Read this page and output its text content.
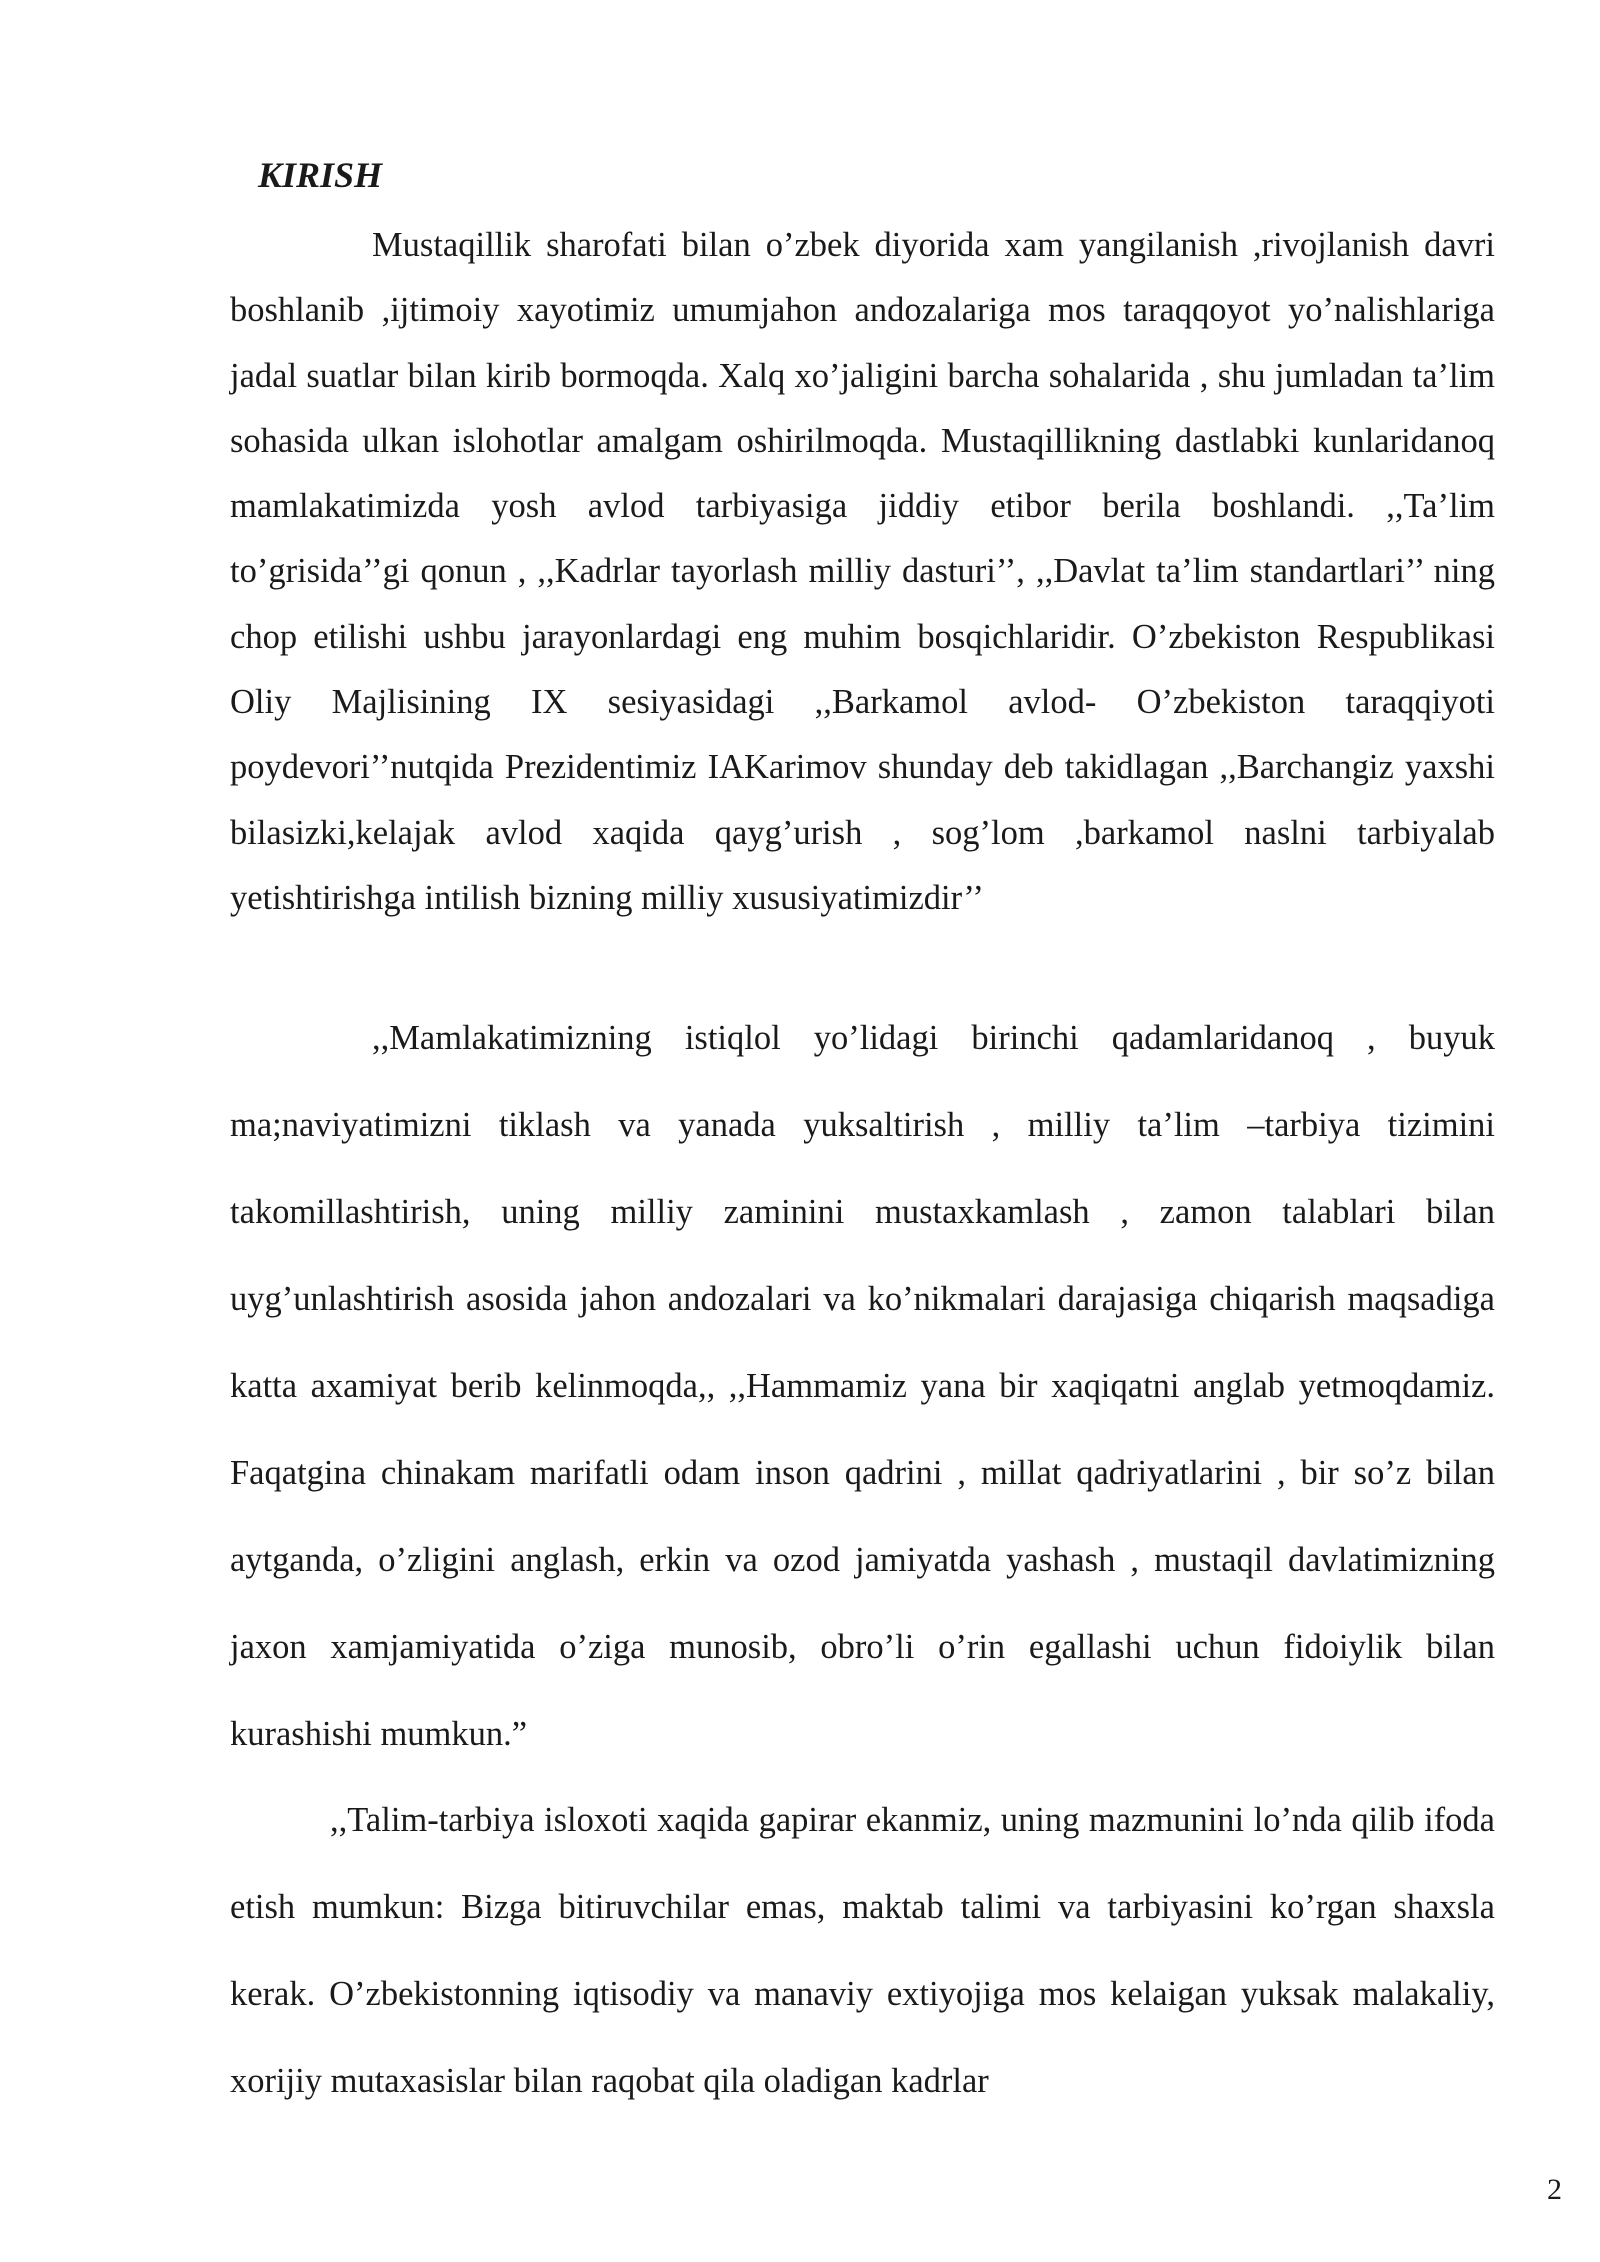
KIRISH

Mustaqillik sharofati bilan o’zbek diyorida xam yangilanish ,rivojlanish davri boshlanib ,ijtimoiy xayotimiz umumjahon andozalariga mos taraqqoyot yo’nalishlariga jadal suatlar bilan kirib bormoqda. Xalq xo’jaligini barcha sohalarida , shu jumladan ta’lim sohasida ulkan islohotlar amalgam oshirilmoqda. Mustaqillikning dastlabki kunlaridanoq mamlakatimizda yosh avlod tarbiyasiga jiddiy etibor berila boshlandi. ,,Ta’lim to’grisida’’gi qonun , ,,Kadrlar tayorlash milliy dasturi’’, ,,Davlat ta’lim standartlari’’ ning chop etilishi ushbu jarayonlardagi eng muhim bosqichlaridir. O’zbekiston Respublikasi Oliy Majlisining IX sesiyasidagi ,,Barkamol avlod- O’zbekiston taraqqiyoti poydevori’’nutqida Prezidentimiz IAKarimov shunday deb takidlagan ,,Barchangiz yaxshi bilasizki,kelajak avlod xaqida qayg’urish , sog’lom ,barkamol naslni tarbiyalab yetishtirishga intilish bizning milliy xususiyatimizdir’’

,,Mamlakatimizning istiqlol yo’lidagi birinchi qadamlaridanoq , buyuk ma;naviyatimizni tiklash va yanada yuksaltirish , milliy ta’lim –tarbiya tizimini takomillashtirish, uning milliy zaminini mustaxkamlash , zamon talablari bilan uyg’unlashtirish asosida jahon andozalari va ko’nikmalari darajasiga chiqarish maqsadiga katta axamiyat berib kelinmoqda,, ,,Hammamiz yana bir xaqiqatni anglab yetmoqdamiz. Faqatgina chinakam marifatli odam inson qadrini , millat qadriyatlarini , bir so’z bilan aytganda, o’zligini anglash, erkin va ozod jamiyatda yashash , mustaqil davlatimizning jaxon xamjamiyatida o’ziga munosib, obro’li o’rin egallashi uchun fidoiylik bilan kurashishi mumkun.”

,,Talim-tarbiya isloxoti xaqida gapirar ekanmiz, uning mazmunini lo’nda qilib ifoda etish mumkun: Bizga bitiruvchilar emas, maktab talimi va tarbiyasini ko’rgan shaxsla kerak. O’zbekistonning iqtisodiy va manaviy extiyojiga mos kelaigan yuksak malakaliy, xorijiy mutaxasislar bilan raqobat qila oladigan kadrlar

2
